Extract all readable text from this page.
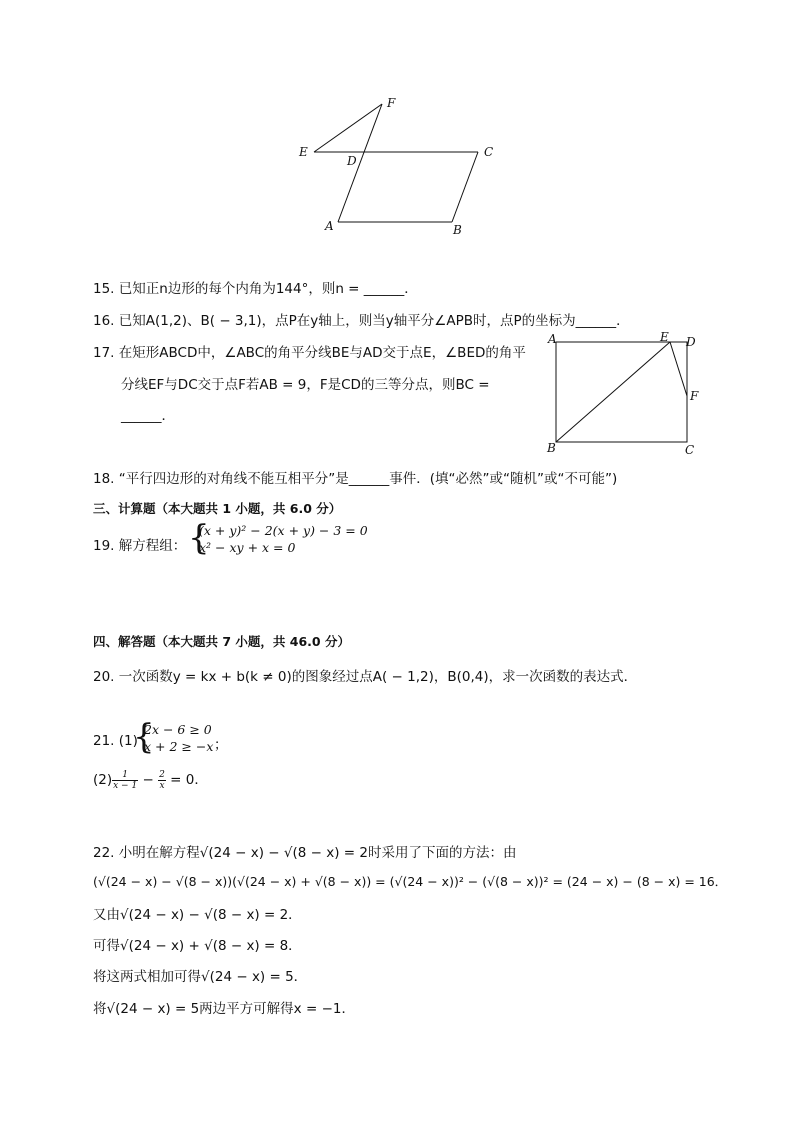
F
E
D
C
A	B
15. 已知正n边形的每个内角为144°，则n = ______．
16. 已知A(1,2)、B( − 3,1)，点P在y轴上，则当y轴平分∠APB时，点P的坐标为______．
17. 在矩形ABCD中，∠ABC的角平分线BE与AD交于点E，∠BED的角平
分线EF与DC交于点F若AB = 9，F是CD的三等分点，则BC =
______．
A	E D
F
B	C
18. “平行四边形的对角线不能互相平分”是______事件．(填“必然”或“随机”或“不可能”)
三、计算题（本大题共 1 小题，共 6.0 分）
19. 解方程组： {
(x + y)² − 2(x + y) − 3 = 0
x² − xy + x = 0
四、解答题（本大题共 7 小题，共 46.0 分）
20. 一次函数y = kx + b(k ≠ 0)的图象经过点A( − 1,2)，B(0,4)，求一次函数的表达式．
21. (1)
{
2x − 6 ≥ 0
x + 2 ≥ −x ；
$(2) \frac{1}{x - 1} - \frac{2}{x} = 0$．
22. 小明在解方程√(24 − x) − √(8 − x) = 2时采用了下面的方法：由
(√(24 − x) − √(8 − x))(√(24 − x) + √(8 − x)) = (√(24 − x))² − (√(8 − x))² = (24 − x) − (8 − x) = 16．
又由√(24 − x) − √(8 − x) = 2．
可得√(24 − x) + √(8 − x) = 8．
将这两式相加可得√(24 − x) = 5．
将√(24 − x) = 5两边平方可解得x = −1．
